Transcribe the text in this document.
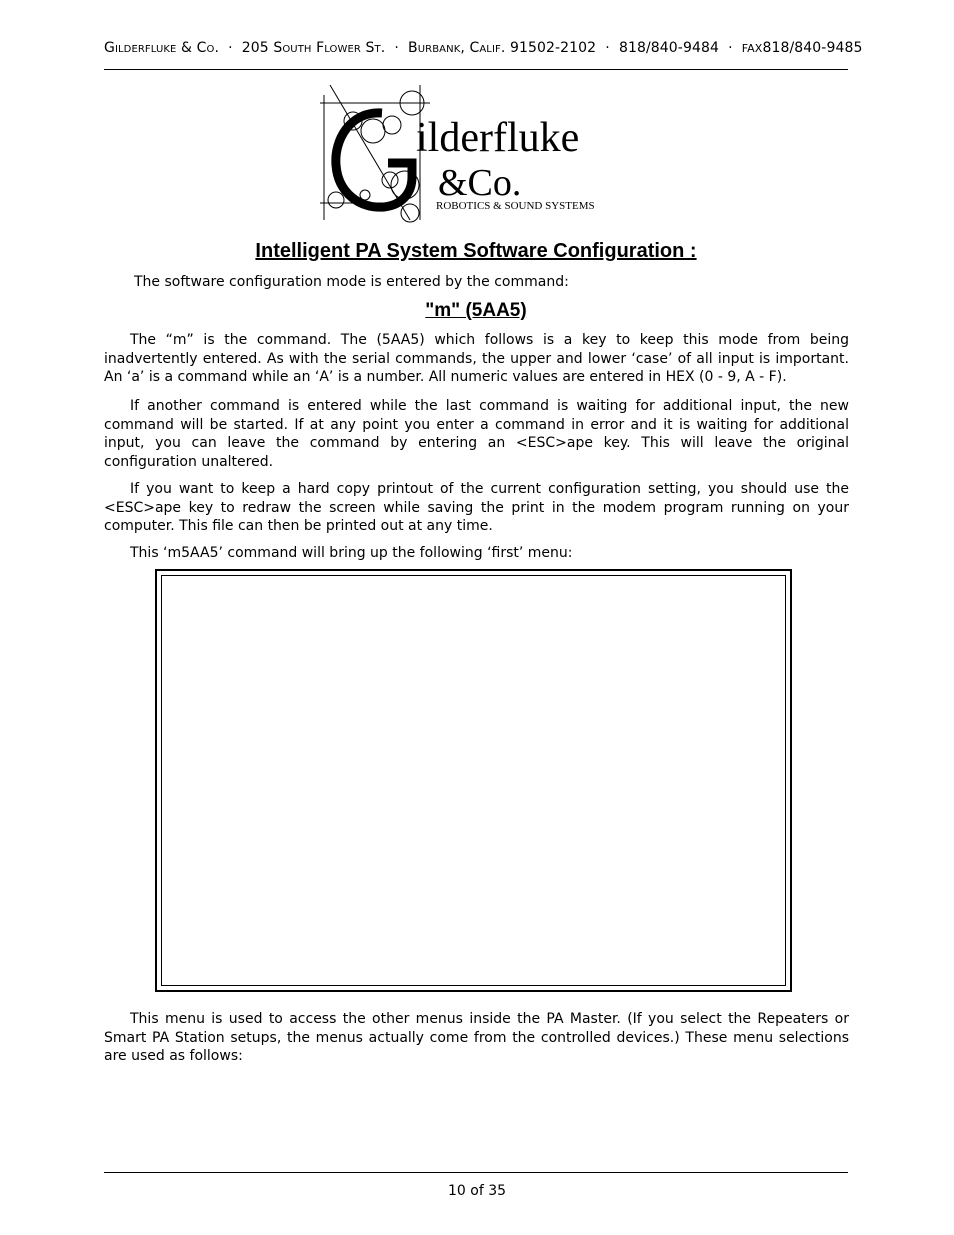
Gilderfluke & Co.  ·  205 South Flower St.  ·  Burbank, Calif. 91502-2102  ·  818/840-9484  ·  FAX818/840-9485
ilderfluke
&Co.
ROBOTICS & SOUND SYSTEMS
Intelligent PA System Software Configuration :
The software configuration mode is entered by the command:
"m" (5AA5)
The “m” is the command. The (5AA5) which follows is a key to keep this mode from being inadvertently entered. As with the serial commands, the upper and lower ‘case’ of all input is important. An ‘a’ is a command while an ‘A’ is a number. All numeric values are entered in HEX (0 - 9, A - F).
If another command is entered while the last command is waiting for additional input, the new command will be started. If at any point you enter a command in error and it is waiting for additional input, you can leave the command by entering an <ESC>ape key. This will leave the original configuration unaltered.
If you want to keep a hard copy printout of the current configuration setting, you should use the <ESC>ape key to redraw the screen while saving the print in the modem program running on your computer. This file can then be printed out at any time.
This ‘m5AA5’ command will bring up the following ‘first’ menu:
This menu is used to access the other menus inside the PA Master. (If you select the Repeaters or Smart PA Station setups, the menus actually come from the controlled devices.) These menu selections are used as follows:
10 of 35
